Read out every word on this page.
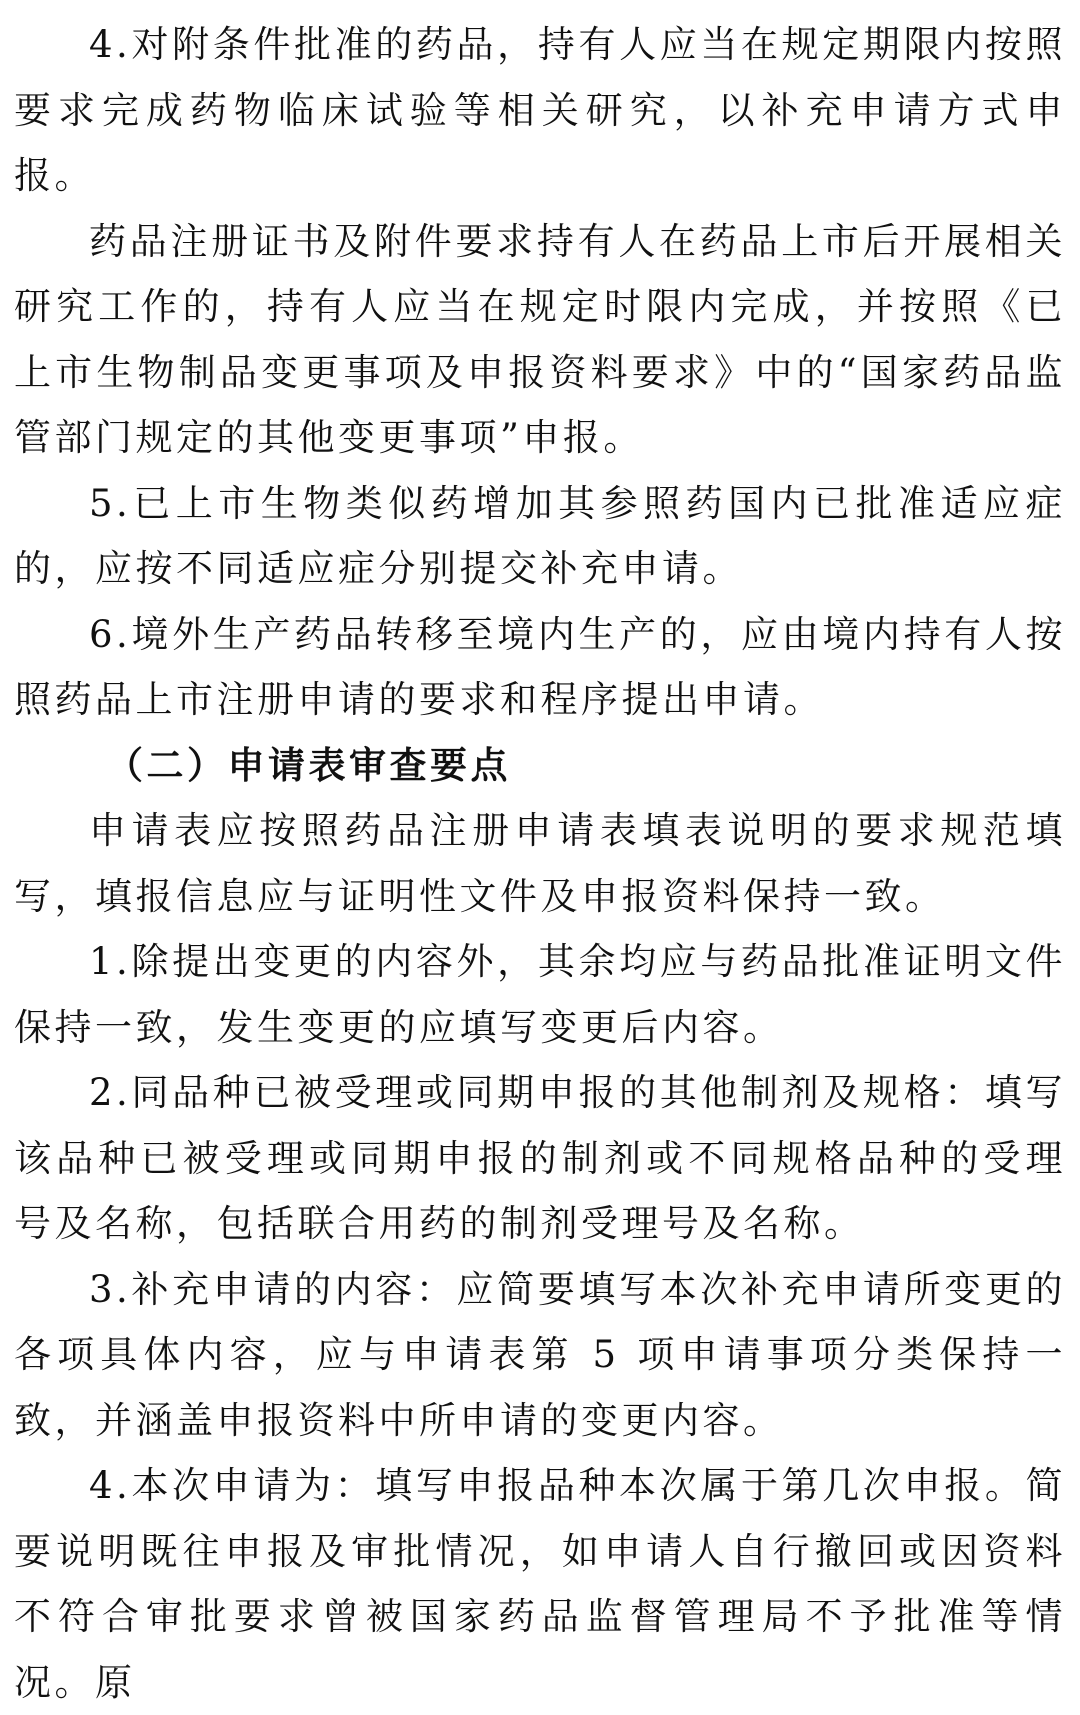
4.对附条件批准的药品，持有人应当在规定期限内按照要求完成药物临床试验等相关研究，以补充申请方式申报。

药品注册证书及附件要求持有人在药品上市后开展相关研究工作的，持有人应当在规定时限内完成，并按照《已上市生物制品变更事项及申报资料要求》中的“国家药品监管部门规定的其他变更事项”申报。

5.已上市生物类似药增加其参照药国内已批准适应症的，应按不同适应症分别提交补充申请。

6.境外生产药品转移至境内生产的，应由境内持有人按照药品上市注册申请的要求和程序提出申请。

（二）申请表审查要点

申请表应按照药品注册申请表填表说明的要求规范填写，填报信息应与证明性文件及申报资料保持一致。

1.除提出变更的内容外，其余均应与药品批准证明文件保持一致，发生变更的应填写变更后内容。

2.同品种已被受理或同期申报的其他制剂及规格：填写该品种已被受理或同期申报的制剂或不同规格品种的受理号及名称，包括联合用药的制剂受理号及名称。

3.补充申请的内容：应简要填写本次补充申请所变更的各项具体内容，应与申请表第 5 项申请事项分类保持一致，并涵盖申报资料中所申请的变更内容。

4.本次申请为：填写申报品种本次属于第几次申报。简要说明既往申报及审批情况，如申请人自行撤回或因资料不符合审批要求曾被国家药品监督管理局不予批准等情况。原
